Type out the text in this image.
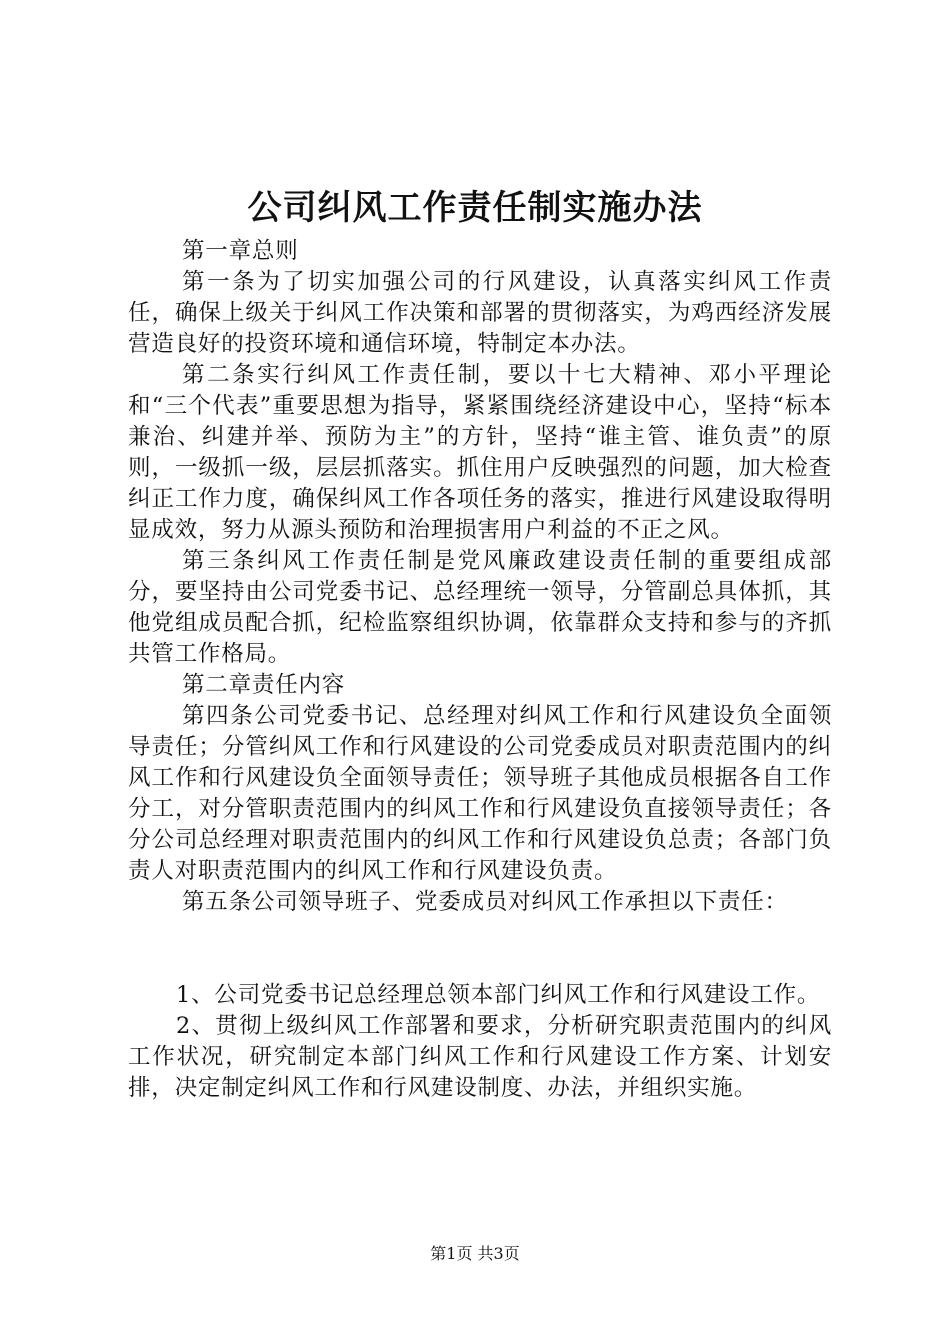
公司纠风工作责任制实施办法

第一章总则

第一条为了切实加强公司的行风建设，认真落实纠风工作责任，确保上级关于纠风工作决策和部署的贯彻落实，为鸡西经济发展营造良好的投资环境和通信环境，特制定本办法。

第二条实行纠风工作责任制，要以十七大精神、邓小平理论和“三个代表”重要思想为指导，紧紧围绕经济建设中心，坚持“标本兼治、纠建并举、预防为主”的方针，坚持“谁主管、谁负责”的原则，一级抓一级，层层抓落实。抓住用户反映强烈的问题，加大检查纠正工作力度，确保纠风工作各项任务的落实，推进行风建设取得明显成效，努力从源头预防和治理损害用户利益的不正之风。

第三条纠风工作责任制是党风廉政建设责任制的重要组成部分，要坚持由公司党委书记、总经理统一领导，分管副总具体抓，其他党组成员配合抓，纪检监察组织协调，依靠群众支持和参与的齐抓共管工作格局。

第二章责任内容

第四条公司党委书记、总经理对纠风工作和行风建设负全面领导责任；分管纠风工作和行风建设的公司党委成员对职责范围内的纠风工作和行风建设负全面领导责任；领导班子其他成员根据各自工作分工，对分管职责范围内的纠风工作和行风建设负直接领导责任；各分公司总经理对职责范围内的纠风工作和行风建设负总责；各部门负责人对职责范围内的纠风工作和行风建设负责。

第五条公司领导班子、党委成员对纠风工作承担以下责任：

1、公司党委书记总经理总领本部门纠风工作和行风建设工作。

2、贯彻上级纠风工作部署和要求，分析研究职责范围内的纠风工作状况，研究制定本部门纠风工作和行风建设工作方案、计划安排，决定制定纠风工作和行风建设制度、办法，并组织实施。

第1页 共3页
